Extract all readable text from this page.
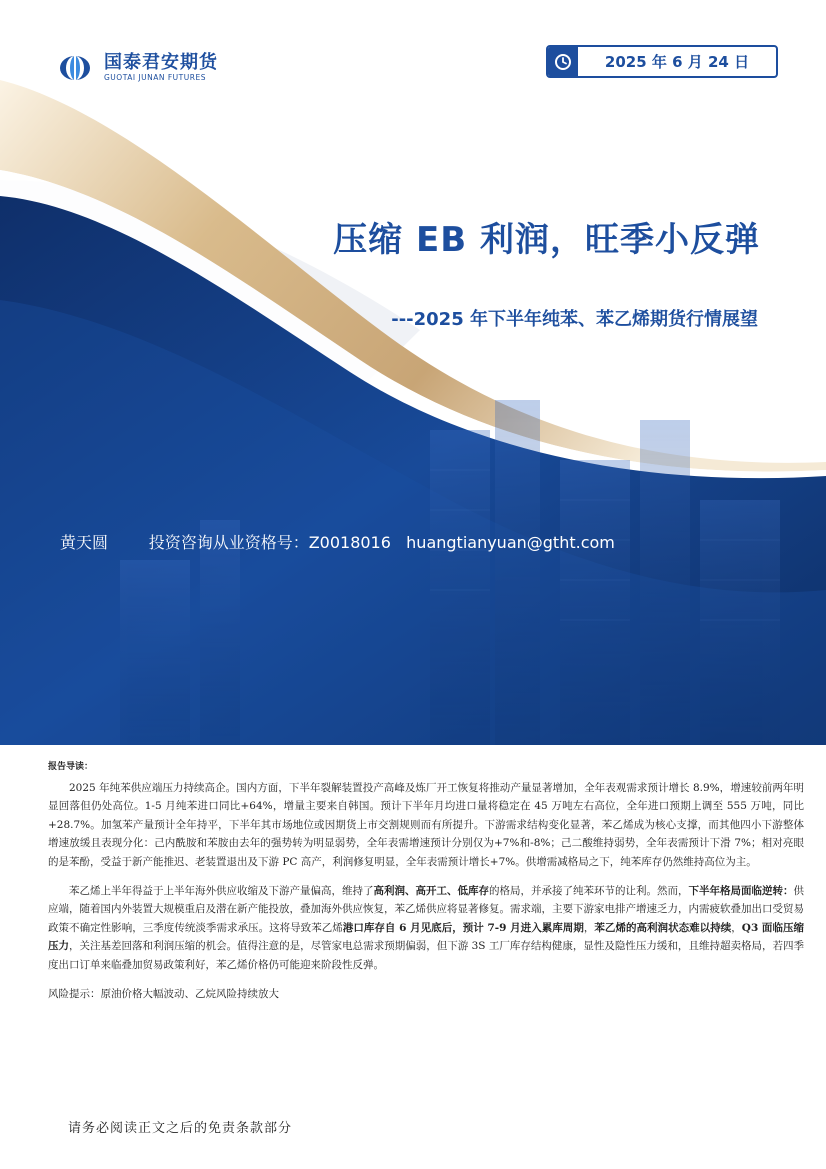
国泰君安期货
GUOTAI JUNAN FUTURES
2025 年 6 月 24 日
压缩 EB 利润，旺季小反弹
---2025 年下半年纯苯、苯乙烯期货行情展望
黄天圆        投资咨询从业资格号：Z0018016   huangtianyuan@gtht.com
报告导读：

2025 年纯苯供应端压力持续高企。国内方面，下半年裂解装置投产高峰及炼厂开工恢复将推动产量显著增加，全年表观需求预计增长 8.9%，增速较前两年明显回落但仍处高位。1-5 月纯苯进口同比+64%，增量主要来自韩国。预计下半年月均进口量将稳定在 45 万吨左右高位，全年进口预期上调至 555 万吨，同比+28.7%。加氢苯产量预计全年持平，下半年其市场地位或因期货上市交割规则而有所提升。下游需求结构变化显著，苯乙烯成为核心支撑，而其他四小下游整体增速放缓且表现分化：己内酰胺和苯胺由去年的强势转为明显弱势，全年表需增速预计分别仅为+7%和-8%；己二酸维持弱势，全年表需预计下滑 7%；相对亮眼的是苯酚，受益于新产能推迟、老装置退出及下游 PC 高产，利润修复明显，全年表需预计增长+7%。供增需减格局之下，纯苯库存仍然维持高位为主。

苯乙烯上半年得益于上半年海外供应收缩及下游产量偏高，维持了高利润、高开工、低库存的格局，并承接了纯苯环节的让利。然而，下半年格局面临逆转：供应端，随着国内外装置大规模重启及潜在新产能投放，叠加海外供应恢复，苯乙烯供应将显著修复。需求端，主要下游家电排产增速乏力，内需疲软叠加出口受贸易政策不确定性影响，三季度传统淡季需求承压。这将导致苯乙烯港口库存自 6 月见底后，预计 7-9 月进入累库周期，苯乙烯的高利润状态难以持续，Q3 面临压缩压力，关注基差回落和利润压缩的机会。值得注意的是，尽管家电总需求预期偏弱，但下游 3S 工厂库存结构健康，显性及隐性压力缓和，且维持超卖格局，若四季度出口订单来临叠加贸易政策利好，苯乙烯价格仍可能迎来阶段性反弹。

风险提示：原油价格大幅波动、乙烷风险持续放大

请务必阅读正文之后的免责条款部分
